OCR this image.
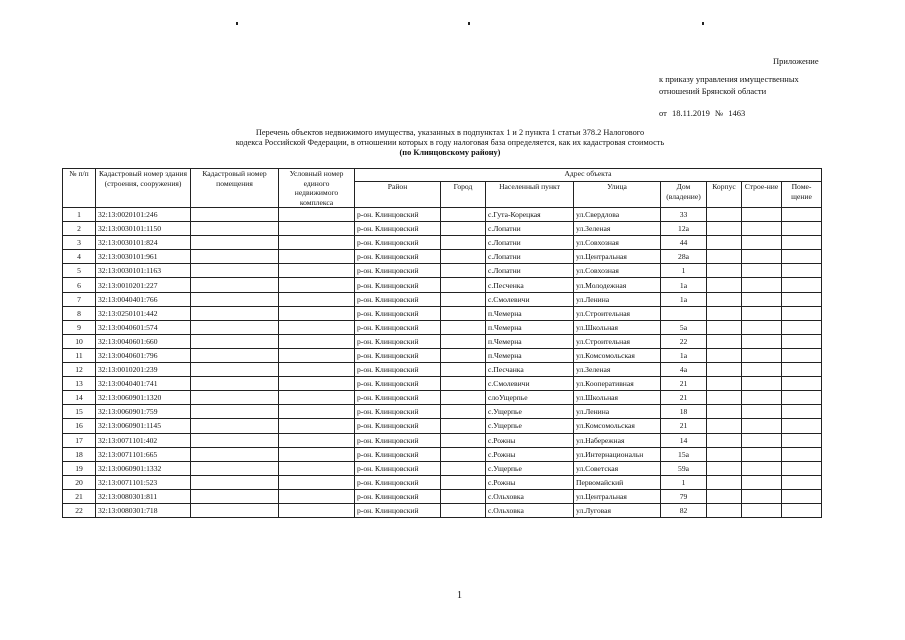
Приложение
к приказу управления имущественных
отношений Брянской области
от 18.11.2019 № 1463
Перечень объектов недвижимого имущества, указанных в подпунктах 1 и 2 пункта 1 статьи 378.2 Налогового
кодекса Российской Федерации, в отношении которых в году налоговая база определяется, как их кадастровая стоимость
(по Клинцовскому району)
№ п/п	Кадастровый номер здания (строения, сооружения)	Кадастровый номер помещения	Условный номер единого недвижимого комплекса	Адрес объекта							
				Район	Город	Населенный пункт	Улица	Дом (владение)	Корпус	Строе-ние	Поме-щение
1	32:13:0020101:246			р-он. Клинцовский		с.Гута-Корецкая	ул.Свердлова	33			
2	32:13:0030101:1150			р-он. Клинцовский		с.Лопатни	ул.Зеленая	12а			
3	32:13:0030101:824			р-он. Клинцовский		с.Лопатни	ул.Совхозная	44			
4	32:13:0030101:961			р-он. Клинцовский		с.Лопатни	ул.Центральная	28а			
5	32:13:0030101:1163			р-он. Клинцовский		с.Лопатни	ул.Совхозная	1			
6	32:13:0010201:227			р-он. Клинцовский		с.Песченка	ул.Молодежная	1а			
7	32:13:0040401:766			р-он. Клинцовский		с.Смолевичи	ул.Ленина	1а			
8	32:13:0250101:442			р-он. Клинцовский		п.Чемерна	ул.Строительная				
9	32:13:0040601:574			р-он. Клинцовский		п.Чемерна	ул.Школьная	5а			
10	32:13:0040601:660			р-он. Клинцовский		п.Чемерна	ул.Строительная	22			
11	32:13:0040601:796			р-он. Клинцовский		п.Чемерна	ул.Комсомольская	1а			
12	32:13:0010201:239			р-он. Клинцовский		с.Песчанка	ул.Зеленая	4а			
13	32:13:0040401:741			р-он. Клинцовский		с.Смолевичи	ул.Кооперативная	21			
14	32:13:0060901:1320			р-он. Клинцовский		слоУщерпье	ул.Школьная	21			
15	32:13:0060901:759			р-он. Клинцовский		с.Ущерпье	ул.Ленина	18			
16	32:13:0060901:1145			р-он. Клинцовский		с.Ущерпье	ул.Комсомольская	21			
17	32:13:0071101:402			р-он. Клинцовский		с.Рожны	ул.Набережная	14			
18	32:13:0071101:665			р-он. Клинцовский		с.Рожны	ул.Интернациональн	15а			
19	32:13:0060901:1332			р-он. Клинцовский		с.Ущерпье	ул.Советская	59а			
20	32:13:0071101:523			р-он. Клинцовский		с.Рожны	Первомайский	1			
21	32:13:0080301:811			р-он. Клинцовский		с.Ольховка	ул.Центральная	79			
22	32:13:0080301:718			р-он. Клинцовский		с.Ольховка	ул.Луговая	82			
1
